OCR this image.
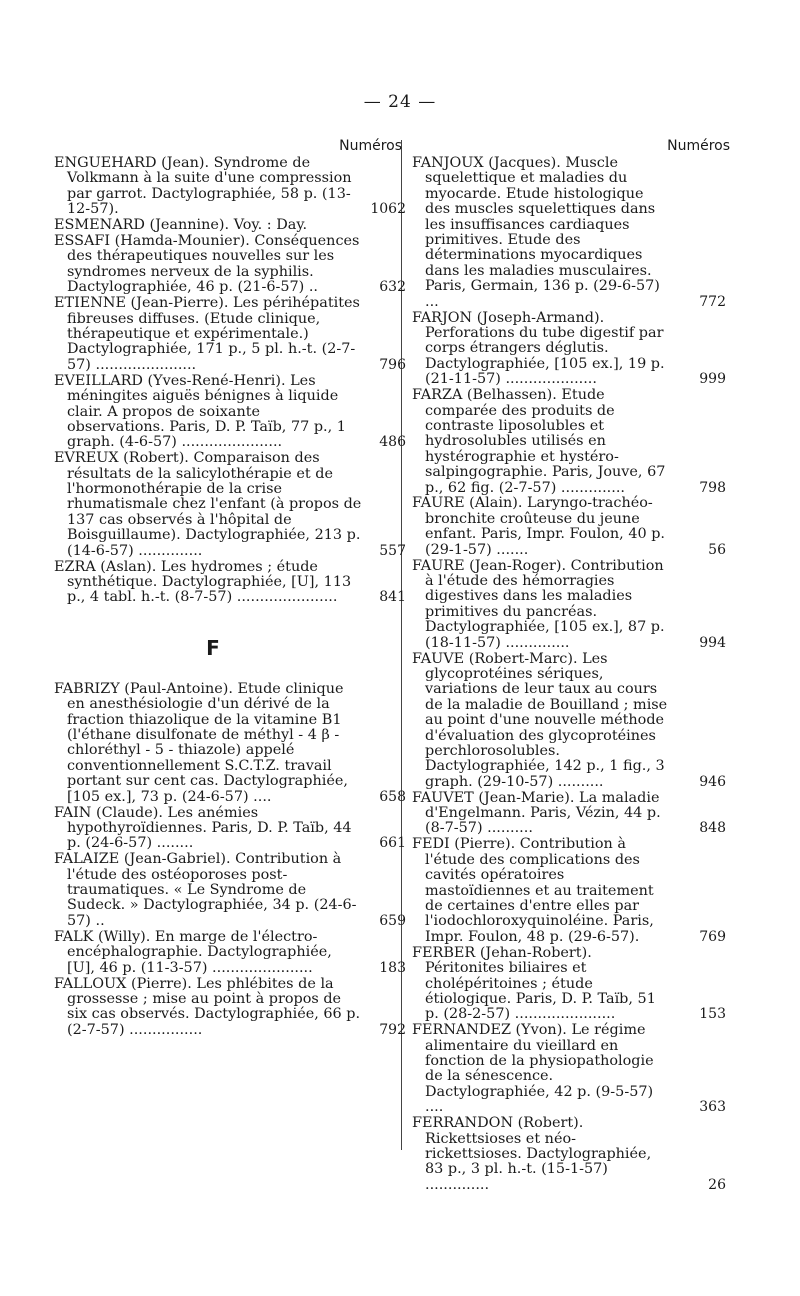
— 24 —
Numéros
ENGUEHARD (Jean). Syndrome de Volkmann à la suite d'une compression par garrot. Dactylographiée, 58 p. (13-12-57).	1062
ESMENARD (Jeannine). Voy. : Day.
ESSAFI (Hamda-Mounier). Conséquences des thérapeutiques nouvelles sur les syndromes nerveux de la syphilis. Dactylographiée, 46 p. (21-6-57) ..	632
ETIENNE (Jean-Pierre). Les périhépatites fibreuses diffuses. (Etude clinique, thérapeutique et expérimentale.) Dactylographiée, 171 p., 5 pl. h.-t. (2-7-57) ......................	796
EVEILLARD (Yves-René-Henri). Les méningites aiguës bénignes à liquide clair. A propos de soixante observations. Paris, D. P. Taïb, 77 p., 1 graph. (4-6-57) ......................	486
EVREUX (Robert). Comparaison des résultats de la salicylothérapie et de l'hormonothérapie de la crise rhumatismale chez l'enfant (à propos de 137 cas observés à l'hôpital de Boisguillaume). Dactylographiée, 213 p. (14-6-57) ..............	557
EZRA (Aslan). Les hydromes ; étude synthétique. Dactylographiée, [U], 113 p., 4 tabl. h.-t. (8-7-57) ......................	841
F
FABRIZY (Paul-Antoine). Etude clinique en anesthésiologie d'un dérivé de la fraction thiazolique de la vitamine B1 (l'éthane disulfonate de méthyl - 4 β - chloréthyl - 5 - thiazole) appelé conventionnellement S.C.T.Z. travail portant sur cent cas. Dactylographiée, [105 ex.], 73 p. (24-6-57) ....	658
FAIN (Claude). Les anémies hypothyroïdiennes. Paris, D. P. Taïb, 44 p. (24-6-57) ........	661
FALAIZE (Jean-Gabriel). Contribution à l'étude des ostéoporoses post-traumatiques. « Le Syndrome de Sudeck. » Dactylographiée, 34 p. (24-6-57) ..	659
FALK (Willy). En marge de l'électro-encéphalographie. Dactylographiée, [U], 46 p. (11-3-57) ......................	183
FALLOUX (Pierre). Les phlébites de la grossesse ; mise au point à propos de six cas observés. Dactylographiée, 66 p. (2-7-57) ................	792
Numéros
FANJOUX (Jacques). Muscle squelettique et maladies du myocarde. Etude histologique des muscles squelettiques dans les insuffisances cardiaques primitives. Etude des déterminations myocardiques dans les maladies musculaires. Paris, Germain, 136 p. (29-6-57) ...	772
FARJON (Joseph-Armand). Perforations du tube digestif par corps étrangers déglutis. Dactylographiée, [105 ex.], 19 p. (21-11-57) ....................	999
FARZA (Belhassen). Etude comparée des produits de contraste liposolubles et hydrosolubles utilisés en hystérographie et hystéro-salpingographie. Paris, Jouve, 67 p., 62 fig. (2-7-57) ..............	798
FAURE (Alain). Laryngo-trachéo-bronchite croûteuse du jeune enfant. Paris, Impr. Foulon, 40 p. (29-1-57) .......	56
FAURE (Jean-Roger). Contribution à l'étude des hémorragies digestives dans les maladies primitives du pancréas. Dactylographiée, [105 ex.], 87 p. (18-11-57) ..............	994
FAUVE (Robert-Marc). Les glycoprotéines sériques, variations de leur taux au cours de la maladie de Bouilland ; mise au point d'une nouvelle méthode d'évaluation des glycoprotéines perchlorosolubles. Dactylographiée, 142 p., 1 fig., 3 graph. (29-10-57) ..........	946
FAUVET (Jean-Marie). La maladie d'Engelmann. Paris, Vézin, 44 p. (8-7-57) ..........	848
FEDI (Pierre). Contribution à l'étude des complications des cavités opératoires mastoïdiennes et au traitement de certaines d'entre elles par l'iodochloroxyquinoléine. Paris, Impr. Foulon, 48 p. (29-6-57).	769
FERBER (Jehan-Robert). Péritonites biliaires et cholépéritoines ; étude étiologique. Paris, D. P. Taïb, 51 p. (28-2-57) ......................	153
FERNANDEZ (Yvon). Le régime alimentaire du vieillard en fonction de la physiopathologie de la sénescence. Dactylographiée, 42 p. (9-5-57) ....	363
FERRANDON (Robert). Rickettsioses et néo-rickettsioses. Dactylographiée, 83 p., 3 pl. h.-t. (15-1-57) ..............	26
